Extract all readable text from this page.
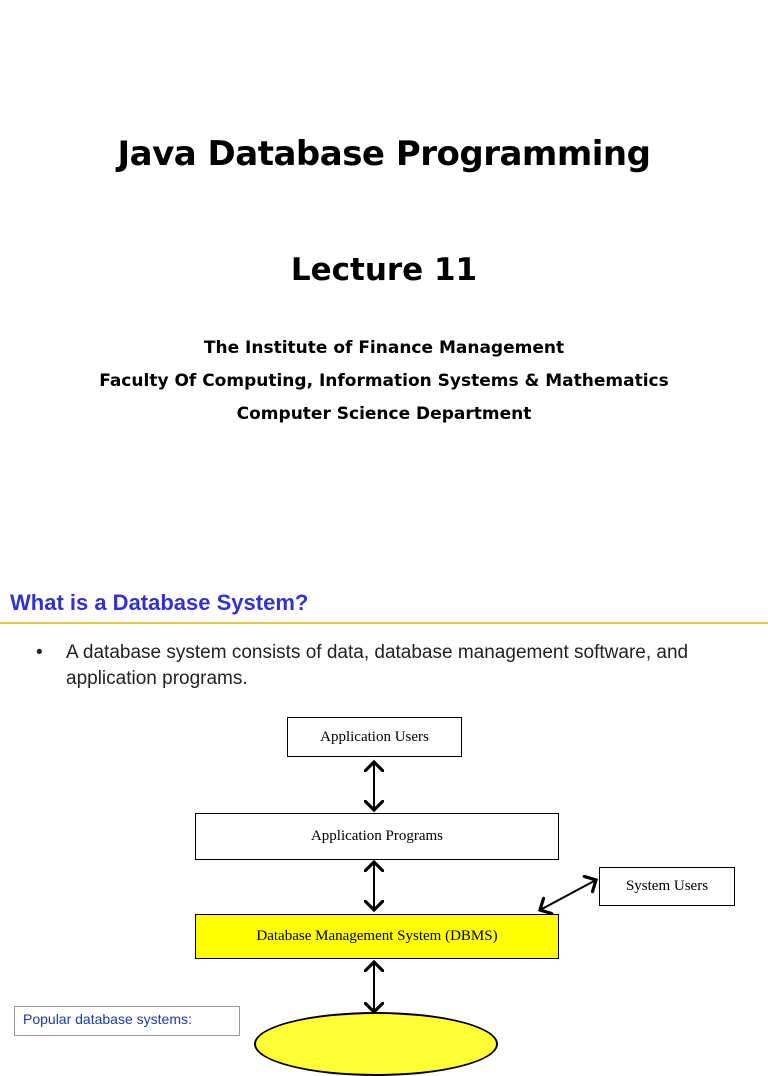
Java Database Programming
Lecture 11
The Institute of Finance Management
Faculty Of Computing, Information Systems & Mathematics
Computer Science Department
What is a Database System?
• A database system consists of data, database management software, and application programs.
Application Users
Application Programs
System Users
Database Management System (DBMS)
Popular database systems:
